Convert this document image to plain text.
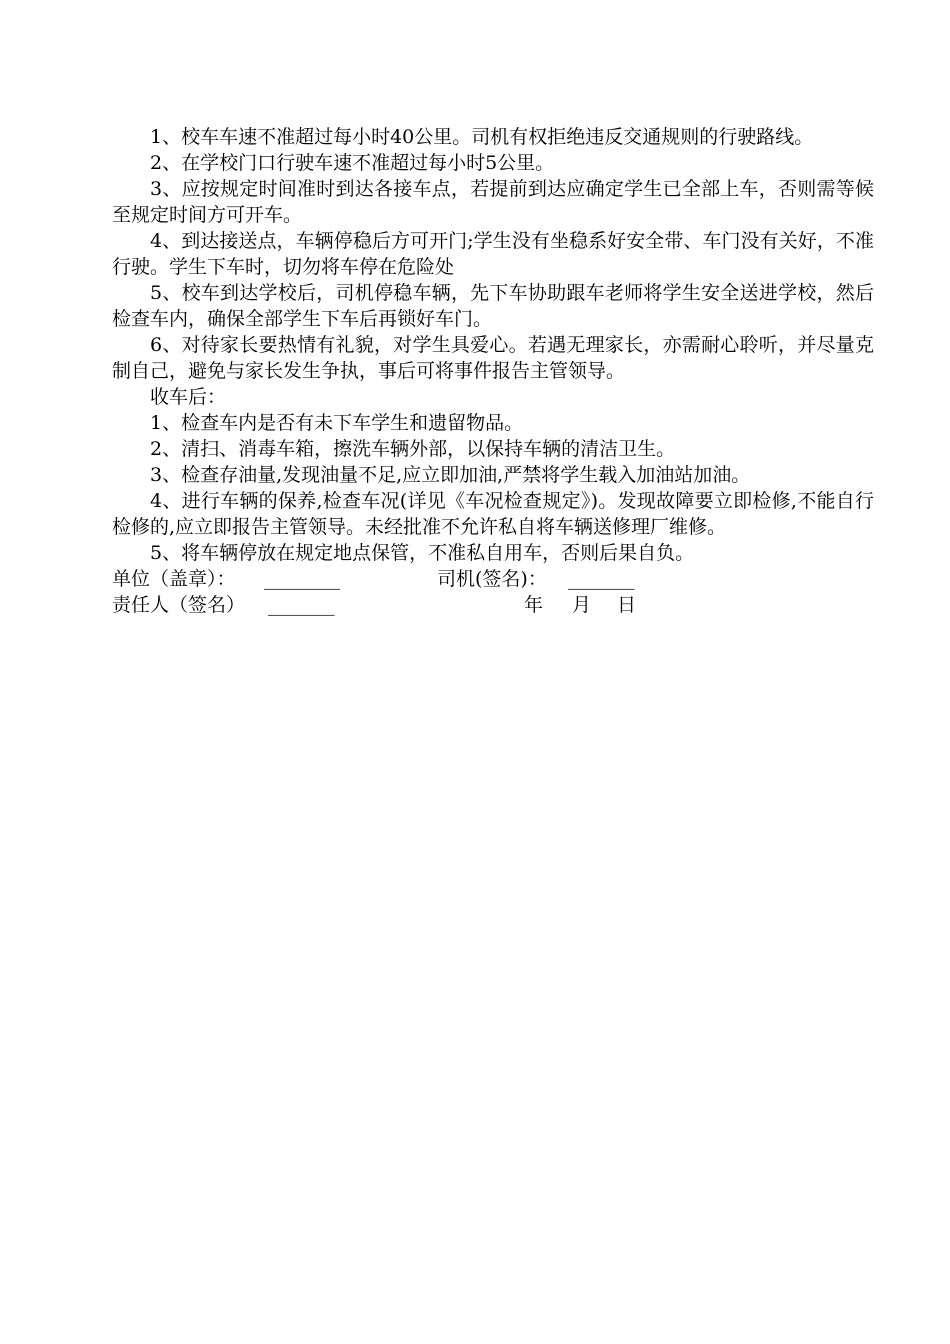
1、校车车速不准超过每小时40公里。司机有权拒绝违反交通规则的行驶路线。

2、在学校门口行驶车速不准超过每小时5公里。

3、应按规定时间准时到达各接车点，若提前到达应确定学生已全部上车，否则需等候至规定时间方可开车。

4、到达接送点，车辆停稳后方可开门;学生没有坐稳系好安全带、车门没有关好，不准行驶。学生下车时，切勿将车停在危险处

5、校车到达学校后，司机停稳车辆，先下车协助跟车老师将学生安全送进学校，然后检查车内，确保全部学生下车后再锁好车门。

6、对待家长要热情有礼貌，对学生具爱心。若遇无理家长，亦需耐心聆听，并尽量克制自己，避免与家长发生争执，事后可将事件报告主管领导。

收车后：

1、检查车内是否有未下车学生和遗留物品。

2、清扫、消毒车箱，擦洗车辆外部，以保持车辆的清洁卫生。

3、检查存油量,发现油量不足,应立即加油,严禁将学生载入加油站加油。

4、进行车辆的保养,检查车况(详见《车况检查规定》)。发现故障要立即检修,不能自行检修的,应立即报告主管领导。未经批准不允许私自将车辆送修理厂维修。

5、将车辆停放在规定地点保管，不准私自用车，否则后果自负。

单位（盖章）： ________	司机(签名)： _______
责任人（签名） _______	年 月 日
